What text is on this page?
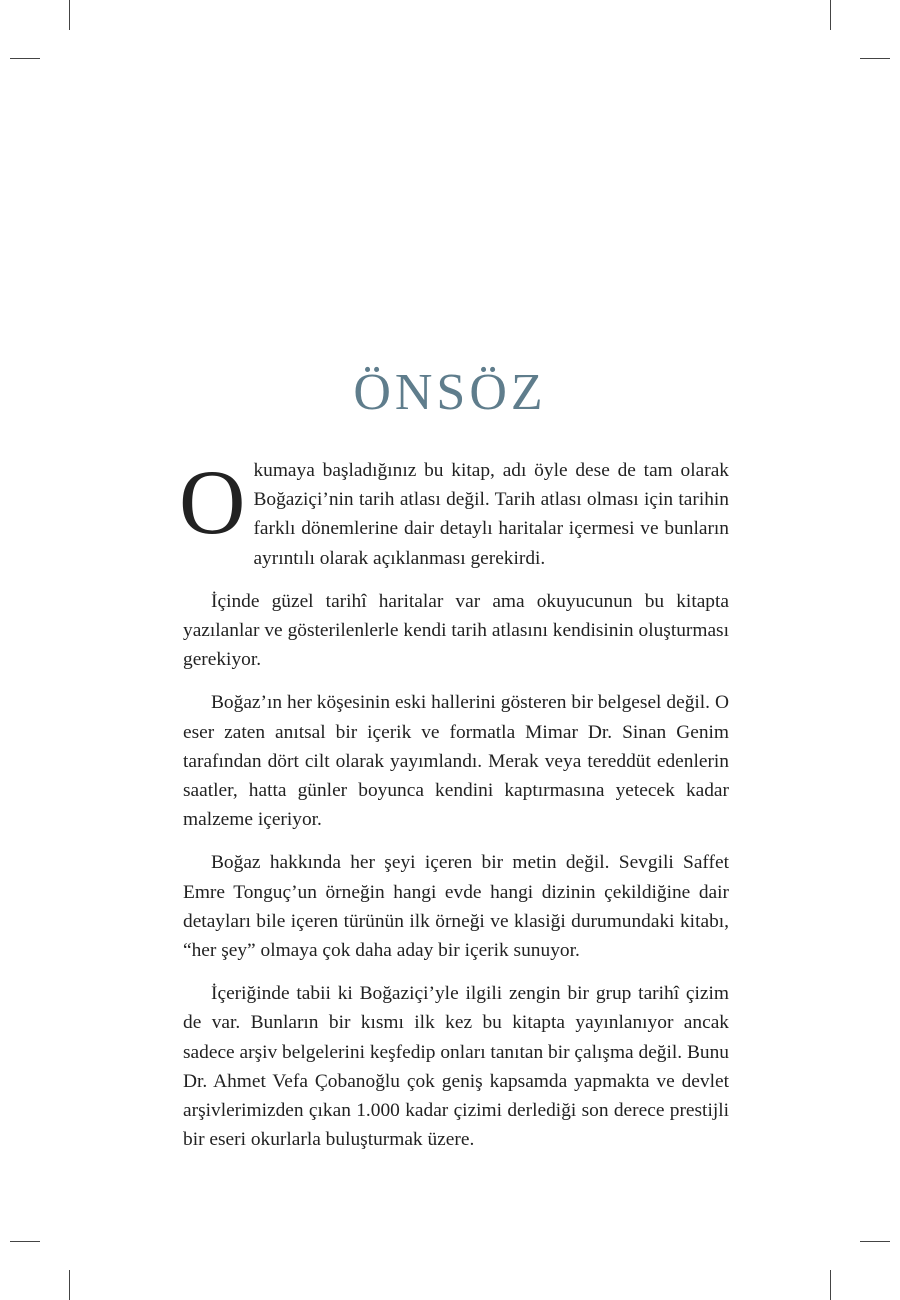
ÖNSÖZ

Okumaya başladığınız bu kitap, adı öyle dese de tam olarak Boğaziçi’nin tarih atlası değil. Tarih atlası olması için tarihin farklı dönemlerine dair detaylı haritalar içermesi ve bunların ayrıntılı olarak açıklanması gerekirdi.

İçinde güzel tarihî haritalar var ama okuyucunun bu kitapta yazılanlar ve gösterilenlerle kendi tarih atlasını kendisinin oluşturması gerekiyor.

Boğaz’ın her köşesinin eski hallerini gösteren bir belgesel değil. O eser zaten anıtsal bir içerik ve formatla Mimar Dr. Sinan Genim tarafından dört cilt olarak yayımlandı. Merak veya tereddüt edenlerin saatler, hatta günler boyunca kendini kaptırmasına yetecek kadar malzeme içeriyor.

Boğaz hakkında her şeyi içeren bir metin değil. Sevgili Saffet Emre Tonguç’un örneğin hangi evde hangi dizinin çekildiğine dair detayları bile içeren türünün ilk örneği ve klasiği durumundaki kitabı, “her şey” olmaya çok daha aday bir içerik sunuyor.

İçeriğinde tabii ki Boğaziçi’yle ilgili zengin bir grup tarihî çizim de var. Bunların bir kısmı ilk kez bu kitapta yayınlanıyor ancak sadece arşiv belgelerini keşfedip onları tanıtan bir çalışma değil. Bunu Dr. Ahmet Vefa Çobanoğlu çok geniş kapsamda yapmakta ve devlet arşivlerimizden çıkan 1.000 kadar çizimi derlediği son derece prestijli bir eseri okurlarla buluşturmak üzere.
